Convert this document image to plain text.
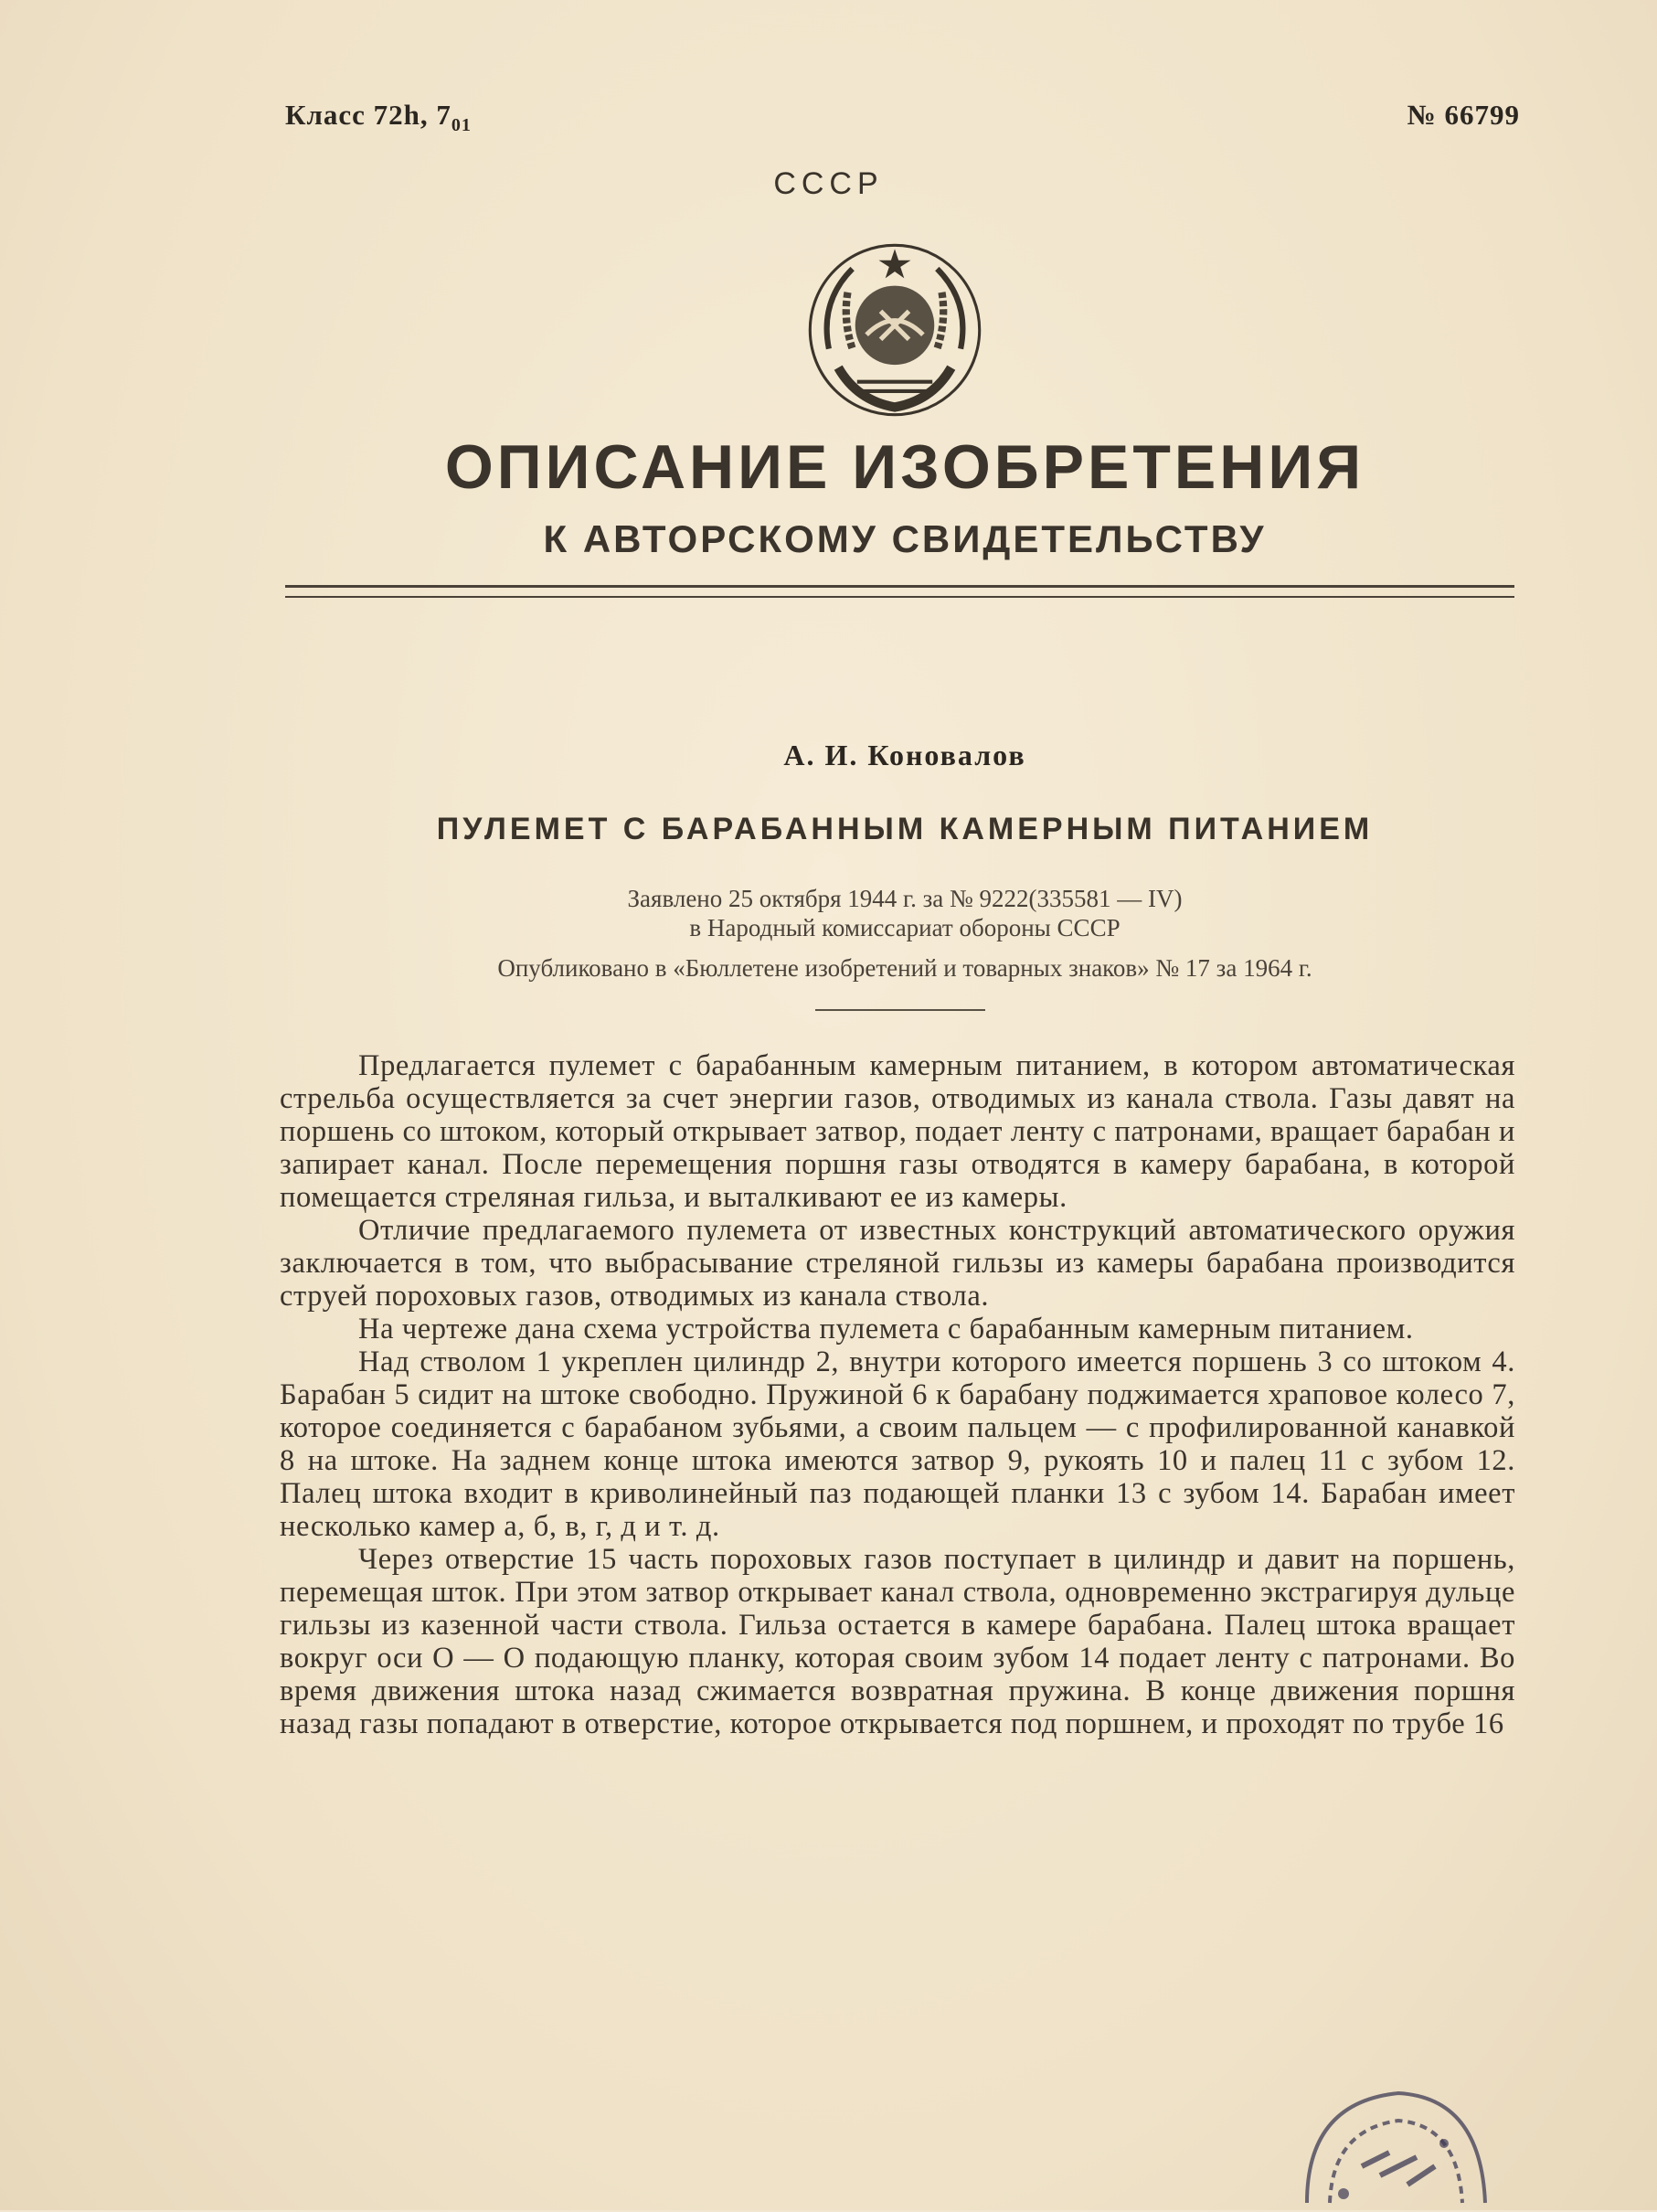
Класс 72h, $7_{01}$	№ 66799
СССР
ОПИСАНИЕ ИЗОБРЕТЕНИЯ
К АВТОРСКОМУ СВИДЕТЕЛЬСТВУ
А. И. Коновалов
ПУЛЕМЕТ С БАРАБАННЫМ КАМЕРНЫМ ПИТАНИЕМ
Заявлено 25 октября 1944 г. за № 9222(335581 — IV)
в Народный комиссариат обороны СССР
Опубликовано в «Бюллетене изобретений и товарных знаков» № 17 за 1964 г.

Предлагается пулемет с барабанным камерным питанием, в котором автоматическая стрельба осуществляется за счет энергии газов, отводимых из канала ствола. Газы давят на поршень со штоком, который открывает затвор, подает ленту с патронами, вращает барабан и запирает канал. После перемещения поршня газы отводятся в камеру барабана, в которой помещается стреляная гильза, и выталкивают ее из камеры.

Отличие предлагаемого пулемета от известных конструкций автоматического оружия заключается в том, что выбрасывание стреляной гильзы из камеры барабана производится струей пороховых газов, отводимых из канала ствола.

На чертеже дана схема устройства пулемета с барабанным камерным питанием.

Над стволом 1 укреплен цилиндр 2, внутри которого имеется поршень 3 со штоком 4. Барабан 5 сидит на штоке свободно. Пружиной 6 к барабану поджимается храповое колесо 7, которое соединяется с барабаном зубьями, а своим пальцем — с профилированной канавкой 8 на штоке. На заднем конце штока имеются затвор 9, рукоять 10 и палец 11 с зубом 12. Палец штока входит в криволинейный паз подающей планки 13 с зубом 14. Барабан имеет несколько камер а, б, в, г, д и т. д.

Через отверстие 15 часть пороховых газов поступает в цилиндр и давит на поршень, перемещая шток. При этом затвор открывает канал ствола, одновременно экстрагируя дульце гильзы из казенной части ствола. Гильза остается в камере барабана. Палец штока вращает вокруг оси О — О подающую планку, которая своим зубом 14 подает ленту с патронами. Во время движения штока назад сжимается возвратная пружина. В конце движения поршня назад газы попадают в отверстие, которое открывается под поршнем, и проходят по трубе 16
